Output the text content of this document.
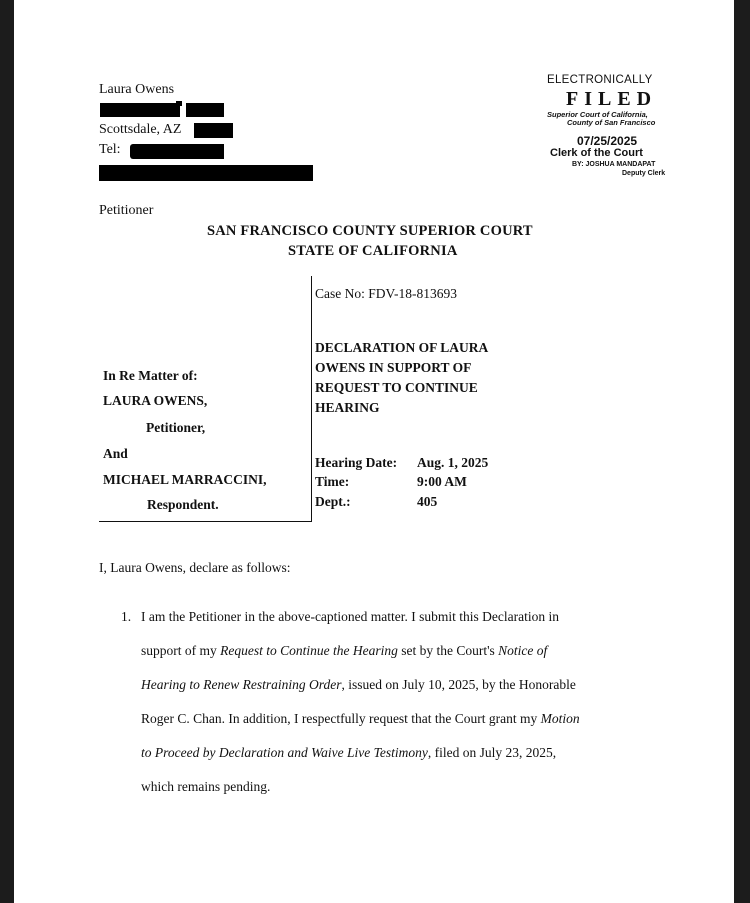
Laura Owens
Scottsdale, AZ
Tel:
Petitioner
ELECTRONICALLY
FILED
Superior Court of California,
County of San Francisco
07/25/2025
Clerk of the Court
BY: JOSHUA MANDAPAT
Deputy Clerk
SAN FRANCISCO COUNTY SUPERIOR COURT
STATE OF CALIFORNIA
In Re Matter of:
LAURA OWENS,
Petitioner,
And
MICHAEL MARRACCINI,
Respondent.
Case No: FDV-18-813693
DECLARATION OF LAURA
OWENS IN SUPPORT OF
REQUEST TO CONTINUE
HEARING
Hearing Date: Aug. 1, 2025
Time:	9:00 AM
Dept.:	405
I, Laura Owens, declare as follows:
1. I am the Petitioner in the above-captioned matter. I submit this Declaration in
support of my Request to Continue the Hearing set by the Court's Notice of
Hearing to Renew Restraining Order, issued on July 10, 2025, by the Honorable
Roger C. Chan. In addition, I respectfully request that the Court grant my Motion
to Proceed by Declaration and Waive Live Testimony, filed on July 23, 2025,
which remains pending.
